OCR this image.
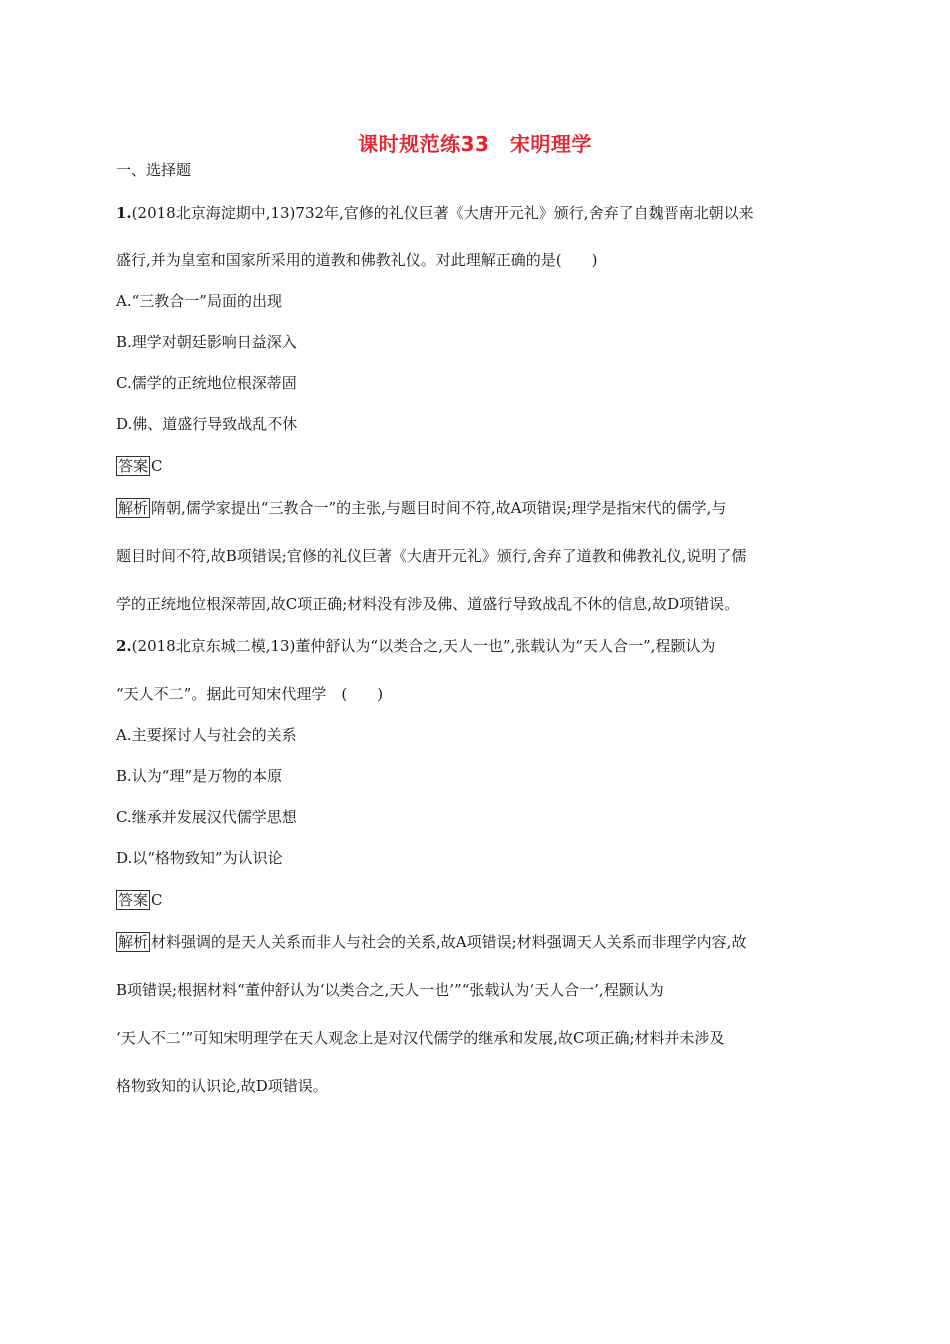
课时规范练33　宋明理学
一、选择题
1.(2018北京海淀期中,13)732年,官修的礼仪巨著《大唐开元礼》颁行,舍弃了自魏晋南北朝以来
盛行,并为皇室和国家所采用的道教和佛教礼仪。对此理解正确的是(　　)
A.“三教合一”局面的出现
B.理学对朝廷影响日益深入
C.儒学的正统地位根深蒂固
D.佛、道盛行导致战乱不休
答案 C
解析 隋朝,儒学家提出“三教合一”的主张,与题目时间不符,故A项错误;理学是指宋代的儒学,与
题目时间不符,故B项错误;官修的礼仪巨著《大唐开元礼》颁行,舍弃了道教和佛教礼仪,说明了儒
学的正统地位根深蒂固,故C项正确;材料没有涉及佛、道盛行导致战乱不休的信息,故D项错误。
2.(2018北京东城二模,13)董仲舒认为“以类合之,天人一也”,张载认为“天人合一”,程颢认为
“天人不二”。据此可知宋代理学　(　　)
A.主要探讨人与社会的关系
B.认为“理”是万物的本原
C.继承并发展汉代儒学思想
D.以“格物致知”为认识论
答案 C
解析 材料强调的是天人关系而非人与社会的关系,故A项错误;材料强调天人关系而非理学内容,故
B项错误;根据材料“董仲舒认为‘以类合之,天人一也’”“张载认为‘天人合一’,程颢认为
‘天人不二’”可知宋明理学在天人观念上是对汉代儒学的继承和发展,故C项正确;材料并未涉及
格物致知的认识论,故D项错误。
